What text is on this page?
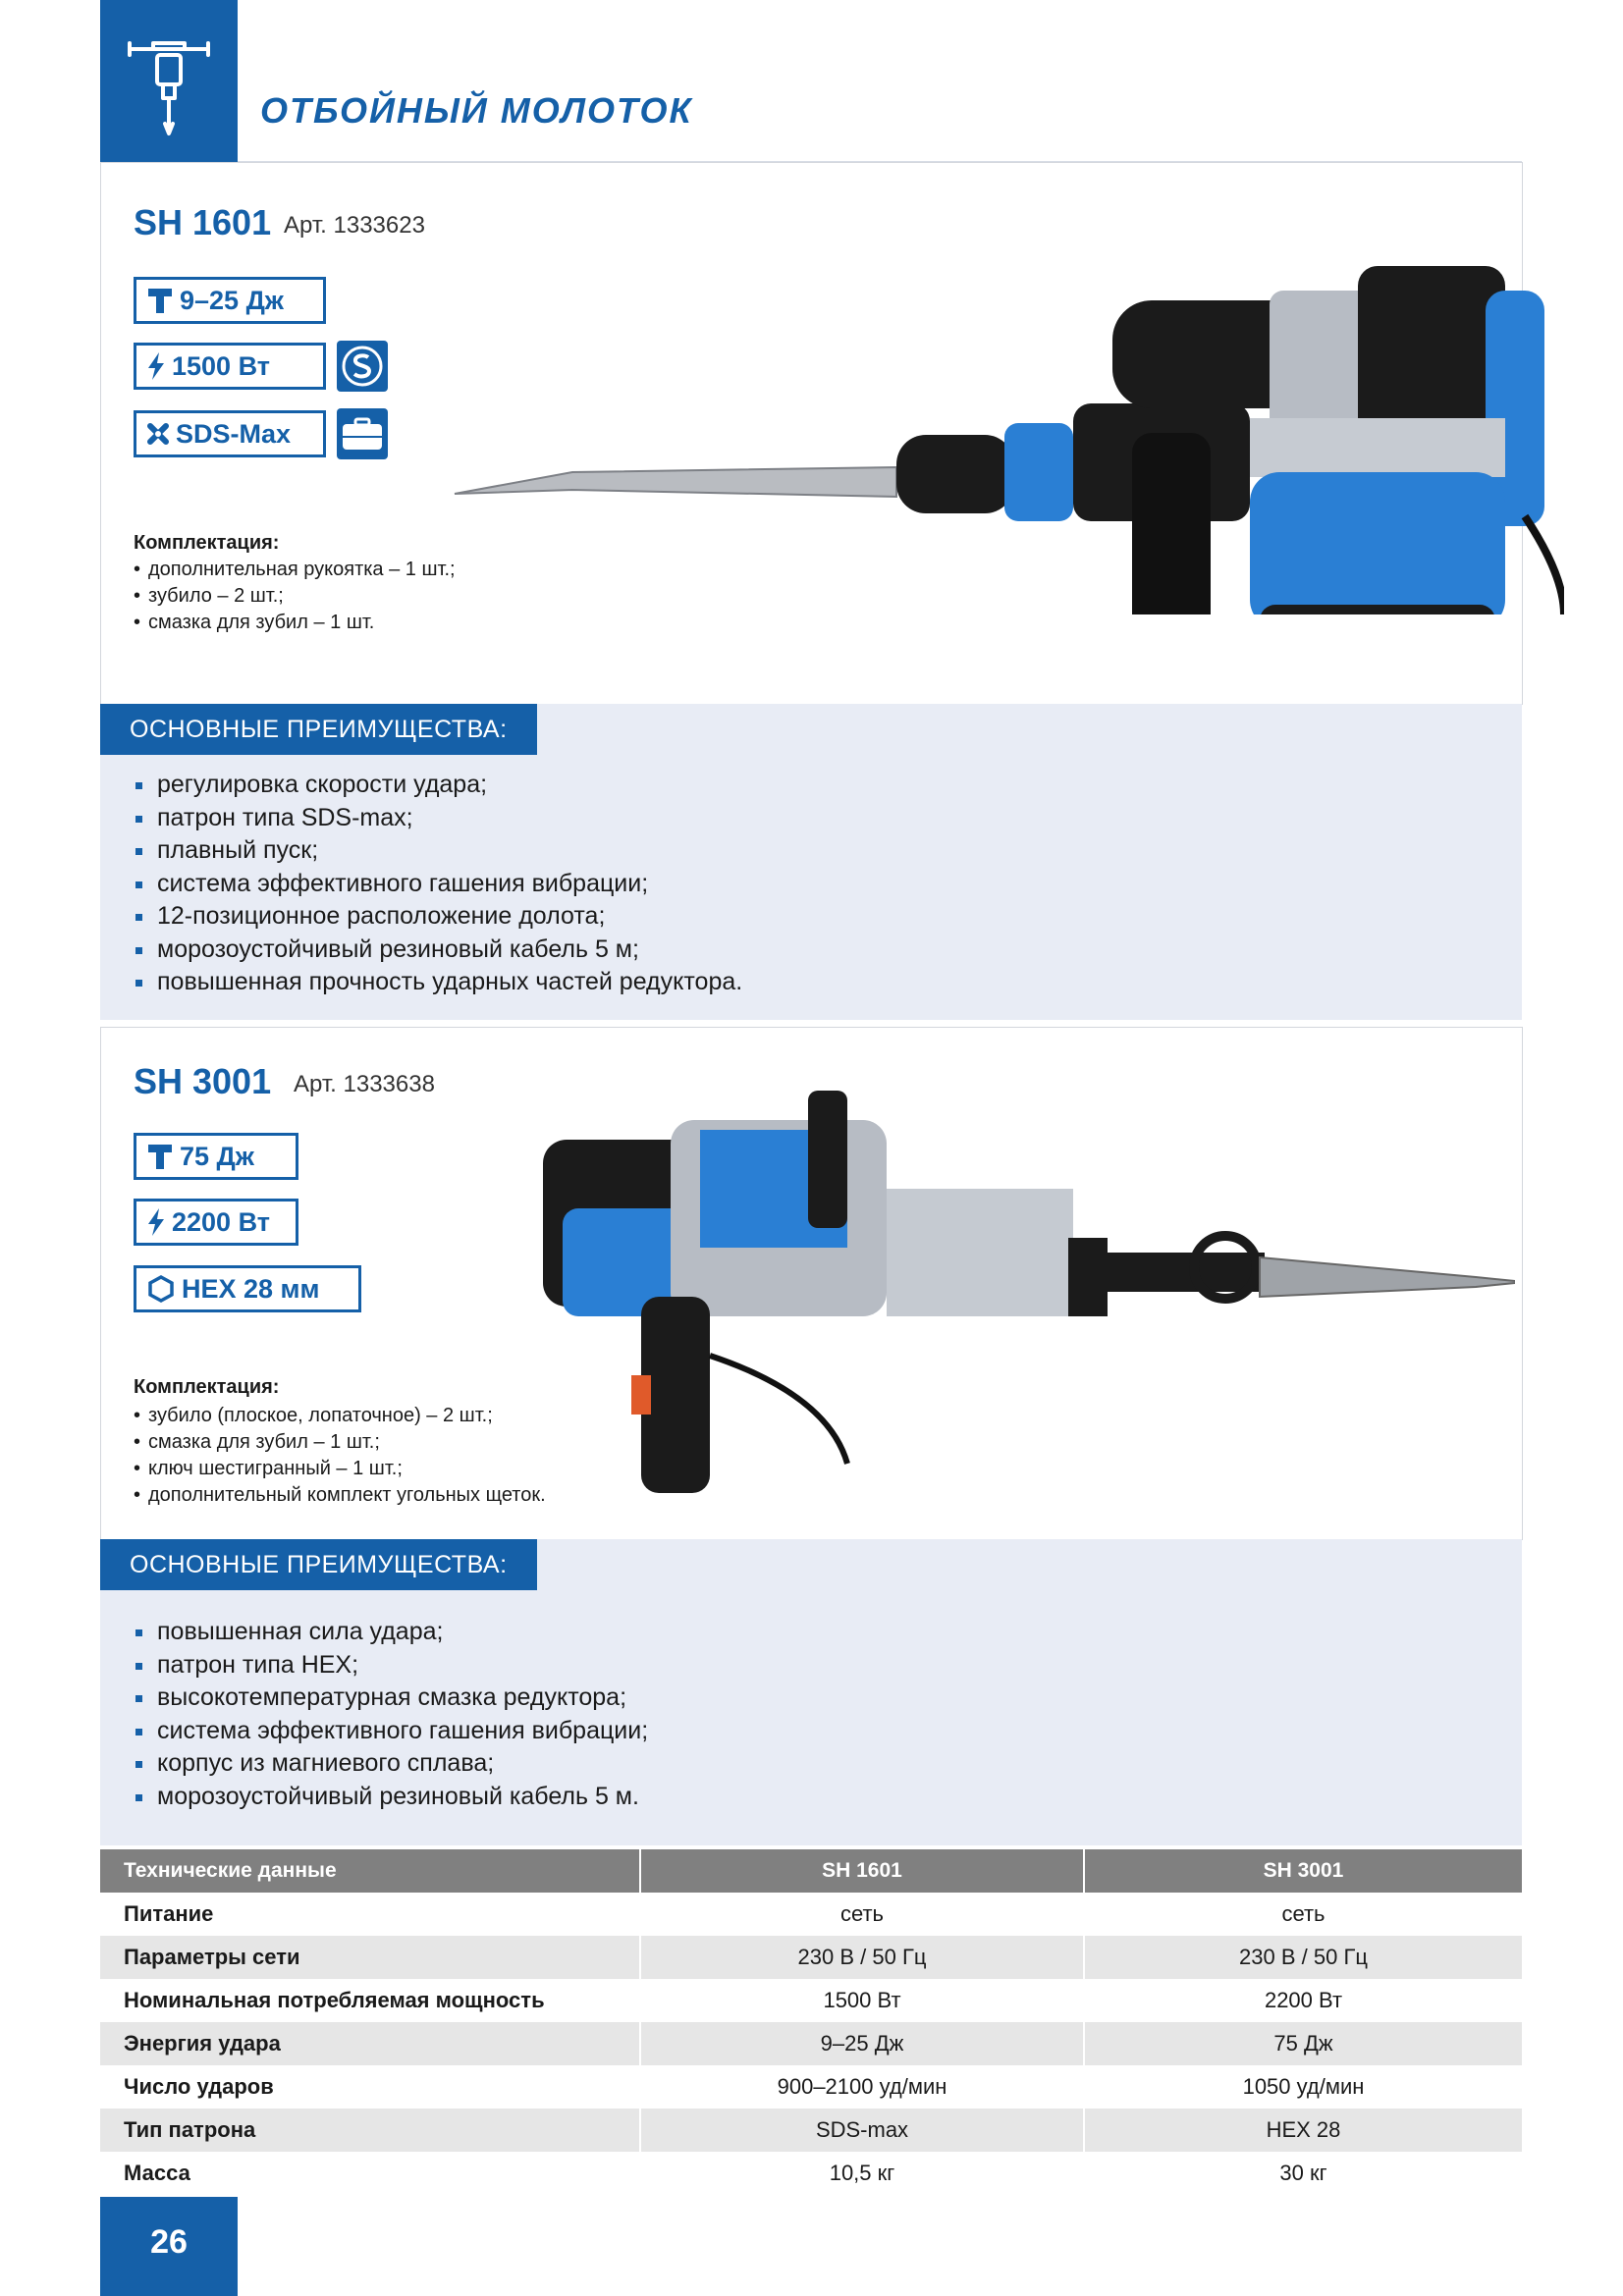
ОТБОЙНЫЙ МОЛОТОК
SH 1601 Арт. 1333623
9–25 Дж
1500 Вт
SDS-Max
Комплектация:
• дополнительная рукоятка – 1 шт.;
• зубило – 2 шт.;
• смазка для зубил – 1 шт.
ОСНОВНЫЕ ПРЕИМУЩЕСТВА:
регулировка скорости удара;
патрон типа SDS-max;
плавный пуск;
система эффективного гашения вибрации;
12-позиционное расположение долота;
морозоустойчивый резиновый кабель 5 м;
повышенная прочность ударных частей редуктора.
SH 3001 Арт. 1333638
75 Дж
2200 Вт
HEX 28 мм
Комплектация:
• зубило (плоское, лопаточное) – 2 шт.;
• смазка для зубил – 1 шт.;
• ключ шестигранный – 1 шт.;
• дополнительный комплект угольных щеток.
ОСНОВНЫЕ ПРЕИМУЩЕСТВА:
повышенная сила удара;
патрон типа HEX;
высокотемпературная смазка редуктора;
система эффективного гашения вибрации;
корпус из магниевого сплава;
морозоустойчивый резиновый кабель 5 м.
Технические данные	SH 1601	SH 3001
Питание	сеть	сеть
Параметры сети	230 В / 50 Гц	230 В / 50 Гц
Номинальная потребляемая мощность	1500 Вт	2200 Вт
Энергия удара	9–25 Дж	75 Дж
Число ударов	900–2100 уд/мин	1050 уд/мин
Тип патрона	SDS-max	HEX 28
Масса	10,5 кг	30 кг
26
